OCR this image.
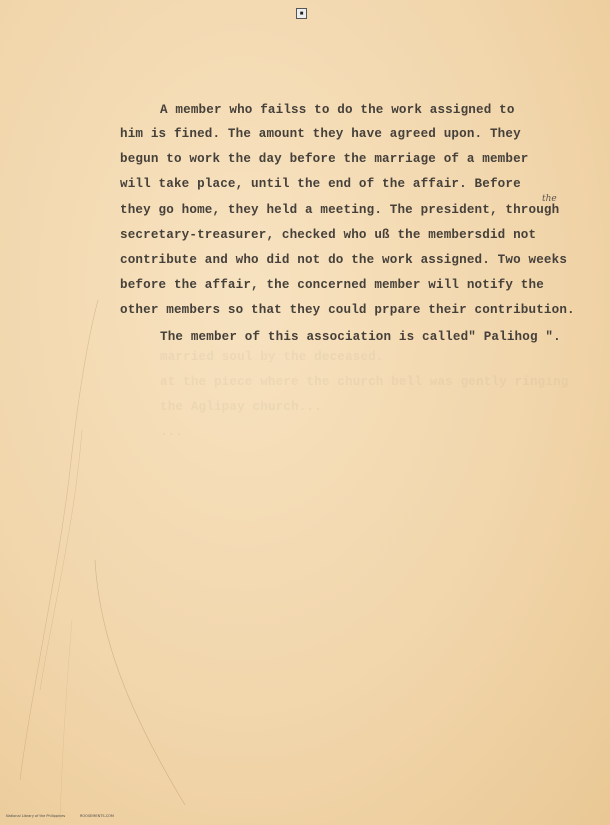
■
married soul by the deceased.
at the piece where the church bell was gently ringing
the Aglipay church...
...
A member who failss to do the work assigned to
him is fined. The amount they have agreed upon. They
begun to work the day before the marriage of a member
will take place, until the end of the affair. Before
they go home, they held a meeting. The president, through
secretary-treasurer, checked who uß the membersdid not
contribute and who did not do the work assigned. Two weeks
before the affair, the concerned member will notify the
other members so that they could prpare their contribution.
The member of this association is called" Palihog ".
the
National Library of the Philippines	ROOSEMENTS.COM
